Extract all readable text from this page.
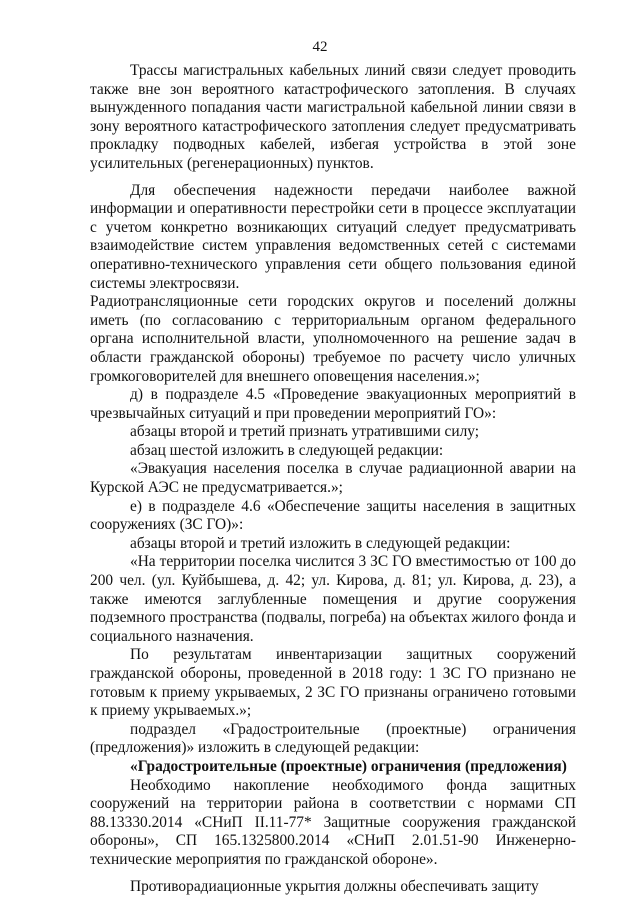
42

Трассы магистральных кабельных линий связи следует проводить также вне зон вероятного катастрофического затопления. В случаях вынужденного попадания части магистральной кабельной линии связи в зону вероятного катастрофического затопления следует предусматривать прокладку подводных кабелей, избегая устройства в этой зоне усилительных (регенерационных) пунктов.

Для обеспечения надежности передачи наиболее важной информации и оперативности перестройки сети в процессе эксплуатации с учетом конкретно возникающих ситуаций следует предусматривать взаимодействие систем управления ведомственных сетей с системами оперативно-технического управления сети общего пользования единой системы электросвязи.

Радиотрансляционные сети городских округов и поселений должны иметь (по согласованию с территориальным органом федерального органа исполнительной власти, уполномоченного на решение задач в области гражданской обороны) требуемое по расчету число уличных громкоговорителей для внешнего оповещения населения.»;

д) в подразделе 4.5 «Проведение эвакуационных мероприятий в чрезвычайных ситуаций и при проведении мероприятий ГО»:

абзацы второй и третий признать утратившими силу;

абзац шестой изложить в следующей редакции:

«Эвакуация населения поселка в случае радиационной аварии на Курской АЭС не предусматривается.»;

е) в подразделе 4.6 «Обеспечение защиты населения в защитных сооружениях (ЗС ГО)»:

абзацы второй и третий изложить в следующей редакции:

«На территории поселка числится 3 ЗС ГО вместимостью от 100 до 200 чел. (ул. Куйбышева, д. 42; ул. Кирова, д. 81; ул. Кирова, д. 23), а также имеются заглубленные помещения и другие сооружения подземного пространства (подвалы, погреба) на объектах жилого фонда и социального назначения.

По результатам инвентаризации защитных сооружений гражданской обороны, проведенной в 2018 году: 1 ЗС ГО признано не готовым к приему укрываемых, 2 ЗС ГО признаны ограничено готовыми к приему укрываемых.»;

подраздел «Градостроительные (проектные) ограничения (предложения)» изложить в следующей редакции:

«Градостроительные (проектные) ограничения (предложения)

Необходимо накопление необходимого фонда защитных сооружений на территории района в соответствии с нормами СП 88.13330.2014 «СНиП II.11-77* Защитные сооружения гражданской обороны», СП 165.1325800.2014 «СНиП 2.01.51-90 Инженерно-технические мероприятия по гражданской обороне».

Противорадиационные укрытия должны обеспечивать защиту
